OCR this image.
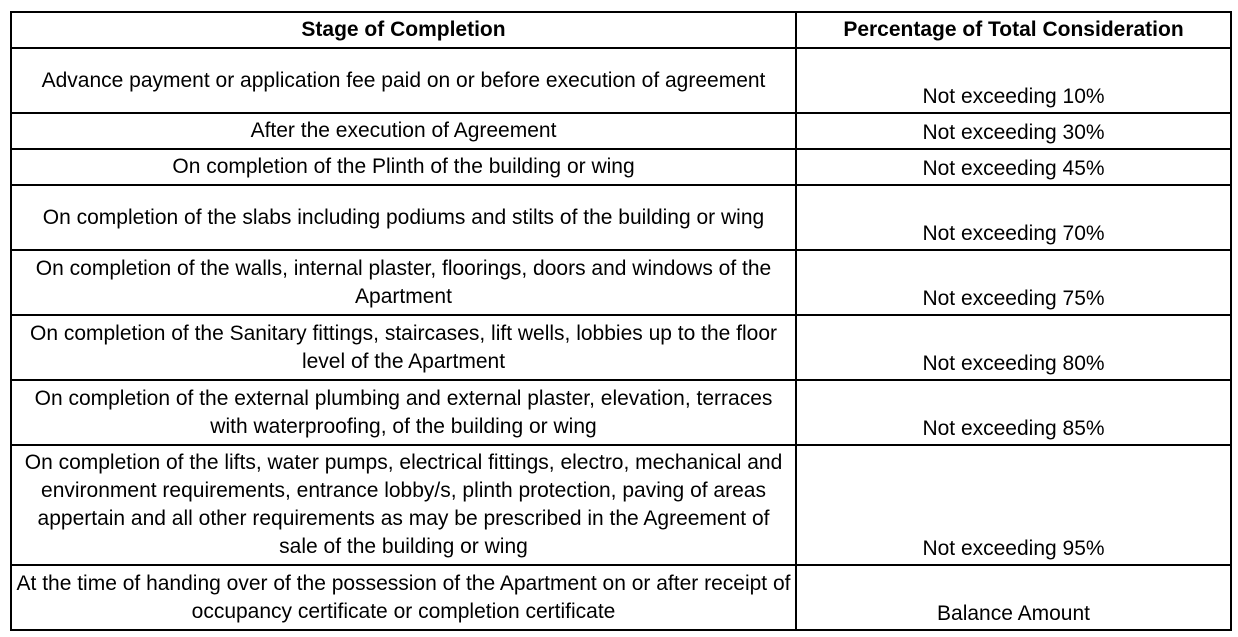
Stage of Completion	Percentage of Total Consideration
Advance payment or application fee paid on or before execution of agreement	Not exceeding 10%
After the execution of Agreement	Not exceeding 30%
On completion of the Plinth of the building or wing	Not exceeding 45%
On completion of the slabs including podiums and stilts of the building or wing	Not exceeding 70%
On completion of the walls, internal plaster, floorings, doors and windows of the Apartment	Not exceeding 75%
On completion of the Sanitary fittings, staircases, lift wells, lobbies up to the floor level of the Apartment	Not exceeding 80%
On completion of the external plumbing and external plaster, elevation, terraces with waterproofing, of the building or wing	Not exceeding 85%
On completion of the lifts, water pumps, electrical fittings, electro, mechanical and environment requirements, entrance lobby/s, plinth protection, paving of areas appertain and all other requirements as may be prescribed in the Agreement of sale of the building or wing	Not exceeding 95%
At the time of handing over of the possession of the Apartment on or after receipt of occupancy certificate or completion certificate	Balance Amount
